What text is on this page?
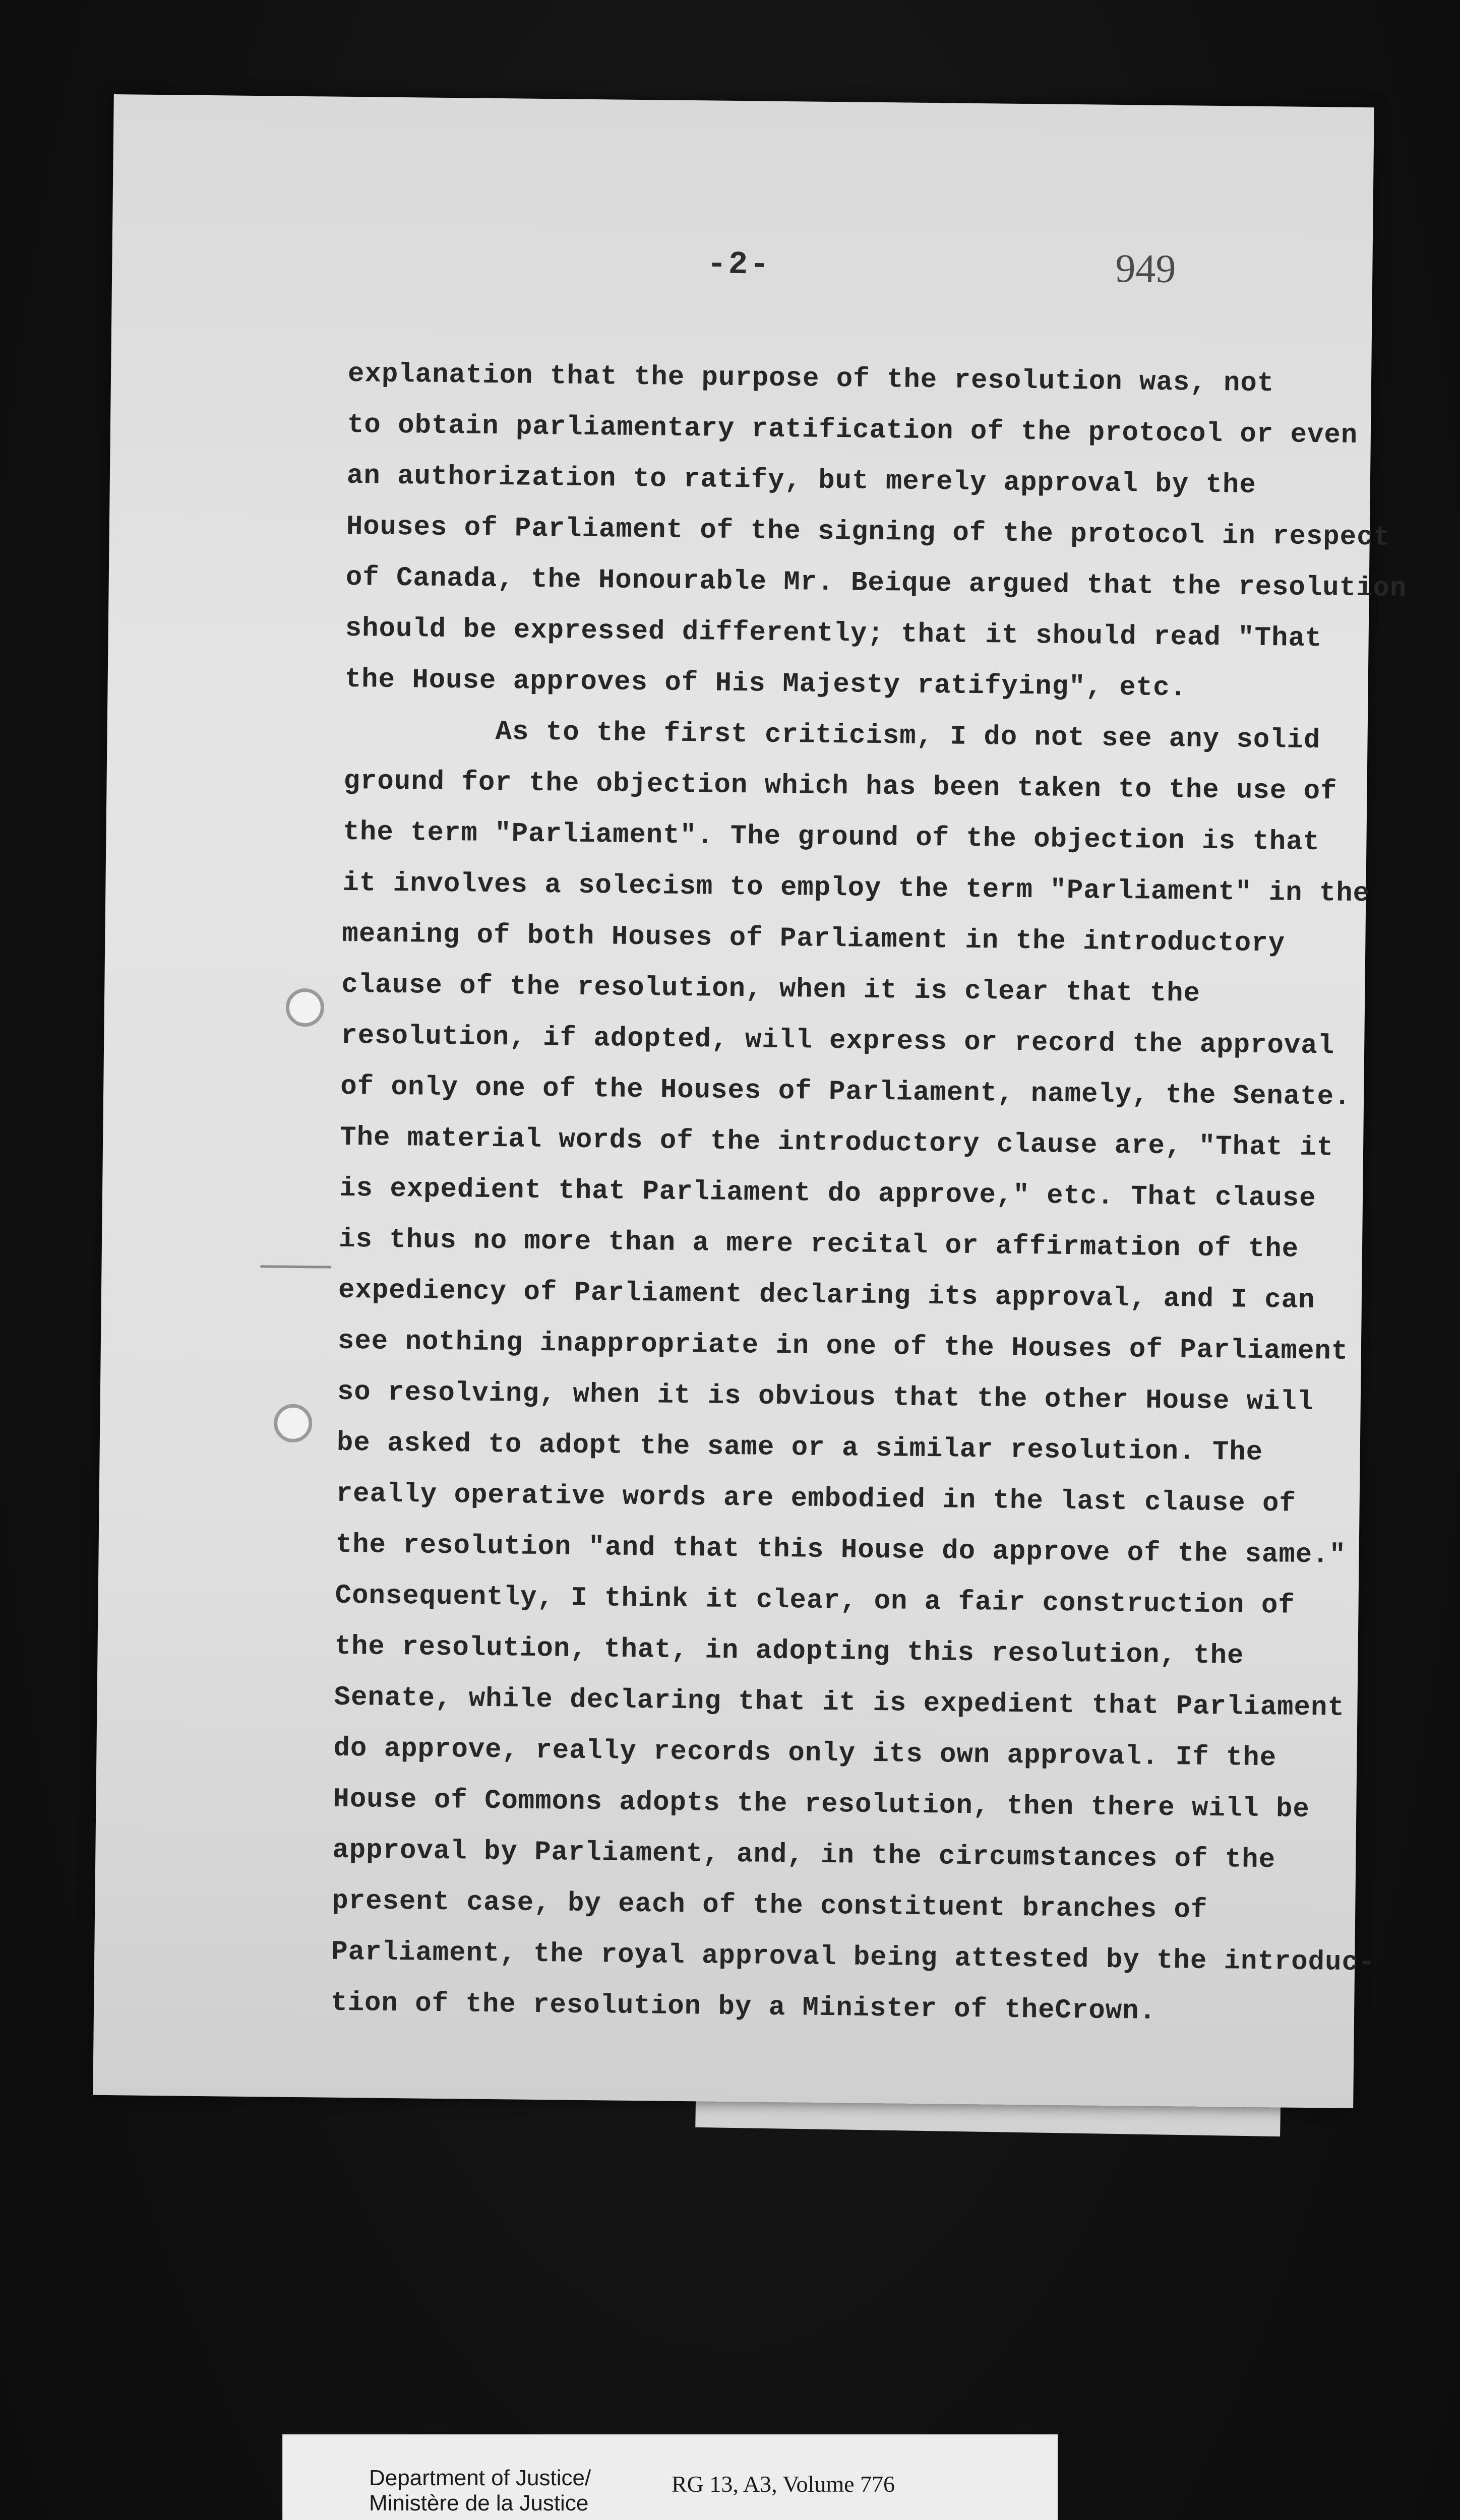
-2-	949
explanation that the purpose of the resolution was, not
to obtain parliamentary ratification of the protocol or even
an authorization to ratify, but merely approval by the
Houses of Parliament of the signing of the protocol in respect
of Canada, the Honourable Mr. Beique argued that the resolution
should be expressed differently; that it should read "That
the House approves of His Majesty ratifying", etc.
As to the first criticism, I do not see any solid
ground for the objection which has been taken to the use of
the term "Parliament". The ground of the objection is that
it involves a solecism to employ the term "Parliament" in the
meaning of both Houses of Parliament in the introductory
clause of the resolution, when it is clear that the
resolution, if adopted, will express or record the approval
of only one of the Houses of Parliament, namely, the Senate.
The material words of the introductory clause are, "That it
is expedient that Parliament do approve," etc. That clause
is thus no more than a mere recital or affirmation of the
expediency of Parliament declaring its approval, and I can
see nothing inappropriate in one of the Houses of Parliament
so resolving, when it is obvious that the other House will
be asked to adopt the same or a similar resolution. The
really operative words are embodied in the last clause of
the resolution "and that this House do approve of the same."
Consequently, I think it clear, on a fair construction of
the resolution, that, in adopting this resolution, the
Senate, while declaring that it is expedient that Parliament
do approve, really records only its own approval. If the
House of Commons adopts the resolution, then there will be
approval by Parliament, and, in the circumstances of the
present case, by each of the constituent branches of
Parliament, the royal approval being attested by the introduc-
tion of the resolution by a Minister of theCrown.
Department of Justice/
Ministère de la Justice
RG 13, A3, Volume 776
